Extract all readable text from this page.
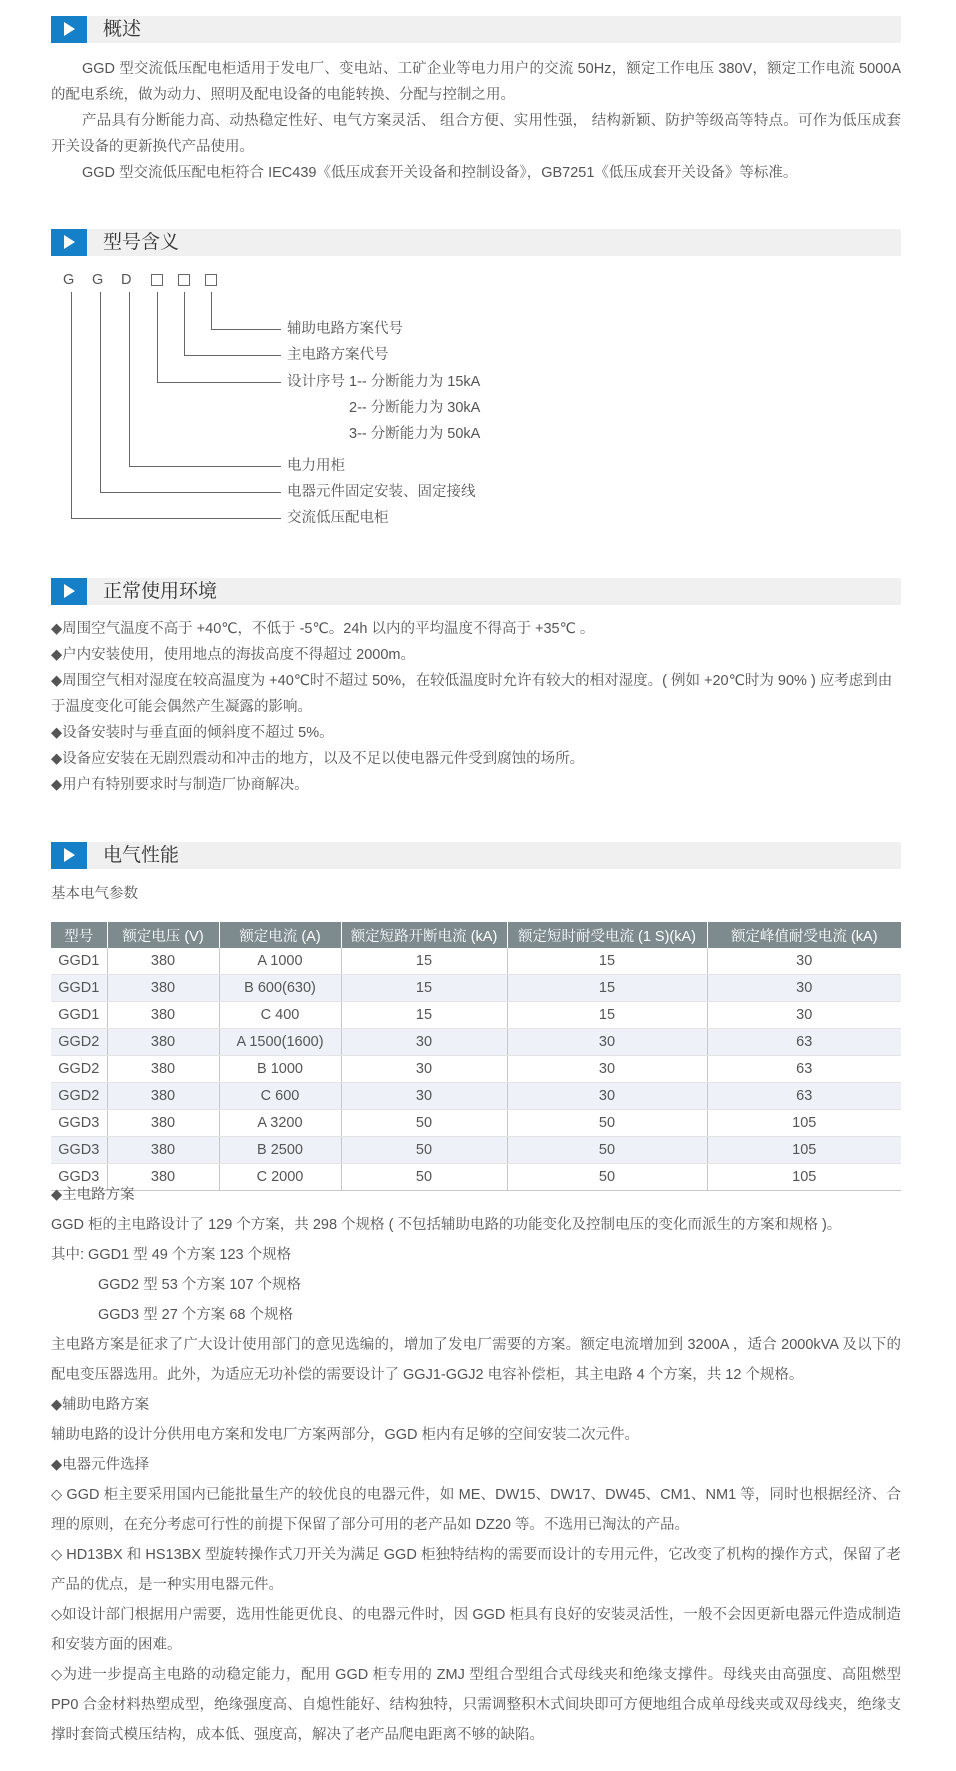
概述

GGD 型交流低压配电柜适用于发电厂、变电站、工矿企业等电力用户的交流 50Hz，额定工作电压 380V，额定工作电流 5000A 的配电系统，做为动力、照明及配电设备的电能转换、分配与控制之用。

产品具有分断能力高、动热稳定性好、电气方案灵活、 组合方便、实用性强， 结构新颖、防护等级高等特点。可作为低压成套开关设备的更新换代产品使用。

GGD 型交流低压配电柜符合 IEC439《低压成套开关设备和控制设备》，GB7251《低压成套开关设备》等标准。

型号含义
G G D
辅助电路方案代号
主电路方案代号
设计序号 1-- 分断能力为 15kA
2-- 分断能力为 30kA
3-- 分断能力为 50kA
电力用柜
电器元件固定安装、固定接线
交流低压配电柜
正常使用环境

◆周围空气温度不高于 +40℃，不低于 -5℃。24h 以内的平均温度不得高于 +35℃ 。

◆户内安装使用，使用地点的海拔高度不得超过 2000m。

◆周围空气相对湿度在较高温度为 +40℃时不超过 50%，在较低温度时允许有较大的相对湿度。( 例如 +20℃时为 90% ) 应考虑到由于温度变化可能会偶然产生凝露的影响。

◆设备安装时与垂直面的倾斜度不超过 5%。

◆设备应安装在无剧烈震动和冲击的地方，以及不足以使电器元件受到腐蚀的场所。

◆用户有特别要求时与制造厂协商解决。

电气性能
基本电气参数
型号	额定电压 (V)	额定电流 (A)	额定短路开断电流 (kA)	额定短时耐受电流 (1 S)(kA)	额定峰值耐受电流 (kA)
GGD1	380	A 1000	15	15	30
GGD1	380	B 600(630)	15	15	30
GGD1	380	C 400	15	15	30
GGD2	380	A 1500(1600)	30	30	63
GGD2	380	B 1000	30	30	63
GGD2	380	C 600	30	30	63
GGD3	380	A 3200	50	50	105
GGD3	380	B 2500	50	50	105
GGD3	380	C 2000	50	50	105

◆主电路方案

GGD 柜的主电路设计了 129 个方案，共 298 个规格 ( 不包括辅助电路的功能变化及控制电压的变化而派生的方案和规格 )。

其中: GGD1 型 49 个方案 123 个规格

GGD2 型 53 个方案 107 个规格

GGD3 型 27 个方案 68 个规格

主电路方案是征求了广大设计使用部门的意见选编的，增加了发电厂需要的方案。额定电流增加到 3200A ，适合 2000kVA 及以下的配电变压器选用。此外，为适应无功补偿的需要设计了 GGJ1-GGJ2 电容补偿柜，其主电路 4 个方案，共 12 个规格。

◆辅助电路方案

辅助电路的设计分供用电方案和发电厂方案两部分，GGD 柜内有足够的空间安装二次元件。

◆电器元件选择

◇ GGD 柜主要采用国内已能批量生产的较优良的电器元件，如 ME、DW15、DW17、DW45、CM1、NM1 等，同时也根据经济、合理的原则，在充分考虑可行性的前提下保留了部分可用的老产品如 DZ20 等。不选用已淘汰的产品。

◇ HD13BX 和 HS13BX 型旋转操作式刀开关为满足 GGD 柜独特结构的需要而设计的专用元件，它改变了机构的操作方式，保留了老产品的优点，是一种实用电器元件。

◇如设计部门根据用户需要，选用性能更优良、的电器元件时，因 GGD 柜具有良好的安装灵活性，一般不会因更新电器元件造成制造和安装方面的困难。

◇为进一步提高主电路的动稳定能力，配用 GGD 柜专用的 ZMJ 型组合型组合式母线夹和绝缘支撑件。母线夹由高强度、高阻燃型 PP0 合金材料热塑成型，绝缘强度高、自熄性能好、结构独特，只需调整积木式间块即可方便地组合成单母线夹或双母线夹，绝缘支撑时套筒式模压结构，成本低、强度高，解决了老产品爬电距离不够的缺陷。
